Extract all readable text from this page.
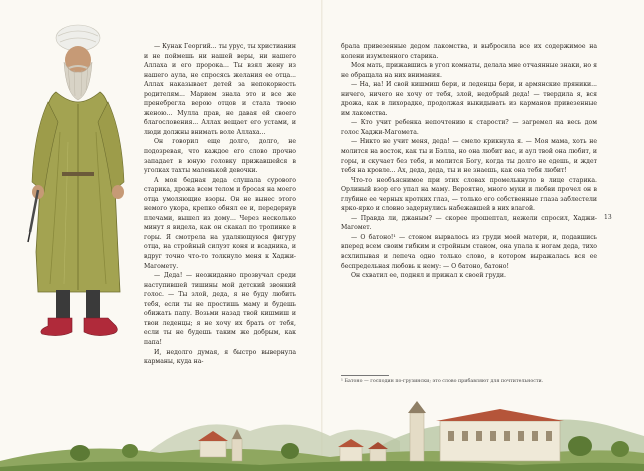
— Кунак Георгий... ты урус, ты христианин и не поймешь ни нашей веры, ни нашего Аллаха и его пророка... Ты взял жену из нашего аула, не спросясь желания ее отца... Аллах наказывает детей за непокорность родителям... Марием знала это и все же пренебрегла верою отцов и стала твоею женою... Мулла прав, не давая ей своего благословения... Аллах вещает его устами, и люди должны внимать воле Аллаха...

Он говорил еще долго, долго, не подозревая, что каждое его слово прочно западает в юную головку прижавшейся в уголках тахты маленькой девочки.

А моя бедная деда слушала сурового старика, дрожа всем телом и бросая на моего отца умоляющие взоры. Он не вынес этого немого укора, крепко обнял ее и, передернув плечами, вышел из дому... Через несколько минут я видела, как он скакал по тропинке в горы. Я смотрела на удаляющуюся фигуру отца, на стройный силуэт коня и всадника, и вдруг точно что-то толкнуло меня к Хаджи-Магомету.

— Деда! — неожиданно прозвучал среди наступившей тишины мой детский звонкий голос. — Ты злой, деда, я не буду любить тебя, если ты не простишь маму и будешь обижать папу. Возьми назад твой кишмиш и твои леденцы; я не хочу их брать от тебя, если ты не будешь таким же добрым, как папа!

И, недолго думая, я быстро вывернула карманы, куда на-

брала привезенные дедом лакомства, и выбросила все их содержимое на колени изумленного старика.

Моя мать, прижавшись в угол комнаты, делала мне отчаянные знаки, но я не обращала на них внимания.

— На, на! И свой кишмиш бери, и леденцы бери, и армянские пряники... ничего, ничего не хочу от тебя, злой, недобрый деда! — твердила я, вся дрожа, как в лихорадке, продолжая выкидывать из карманов привезенные им лакомства.

— Кто учит ребенка непочтению к старости? — загремел на весь дом голос Хаджи-Магомета.

— Никто не учит меня, деда! — смело крикнула я. — Моя мама, хоть не молится на восток, как ты и Бэлла, но она любит вас, и аул твой она любит, и горы, и скучает без тебя, и молится Богу, когда ты долго не едешь, и ждет тебя на кровле... Ах, деда, деда, ты и не знаешь, как она тебя любит!

Что-то необъяснимое при этих словах промелькнуло в лице старика. Орлиный взор его упал на маму. Вероятно, много муки и любви прочел он в глубине ее черных кротких глаз, — только его собственные глаза заблестели ярко-ярко и словно задернулись набежавшей в них влагой.

— Правда ли, джаным? — скорее прошептал, нежели спросил, Хаджи-Магомет.

— О батоно!¹ — стоном вырвалось из груди моей матери, и, подавшись вперед всем своим гибким и стройным станом, она упала к ногам деда, тихо всхлипывая и лепеча одно только слово, в котором выражалась вся ее беспредельная любовь к нему: — О батоно, батоно!

Он схватил ее, поднял и прижал к своей груди.

13
¹ Батоно — господин по-грузински; это слово прибавляют для почтительности.
